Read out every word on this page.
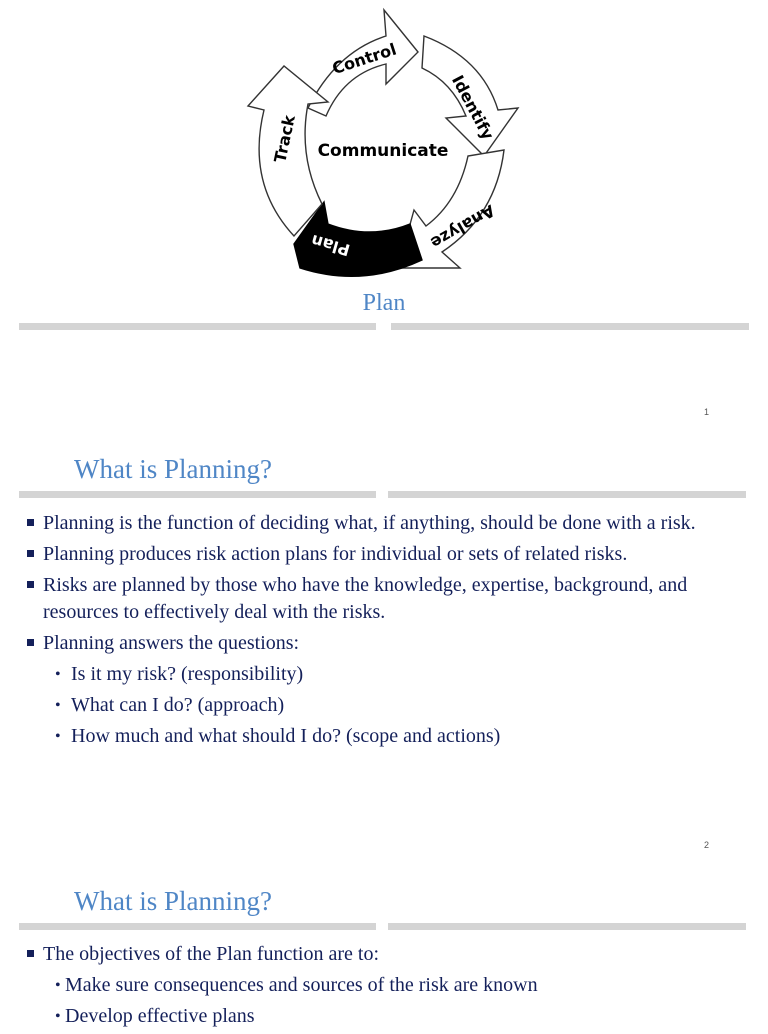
Communicate
Control
Identify
Analyze
Plan
Track
Plan
1
What is Planning?
Planning is the function of deciding what, if anything, should be done with a risk.
Planning produces risk action plans for individual or sets of related risks.
Risks are planned by those who have the knowledge, expertise, background, and resources to effectively deal with the risks.
Planning answers the questions:
• Is it my risk? (responsibility)
• What can I do? (approach)
• How much and what should I do? (scope and actions)
2
What is Planning?
The objectives of the Plan function are to:
• Make sure consequences and sources of the risk are known
• Develop effective plans
